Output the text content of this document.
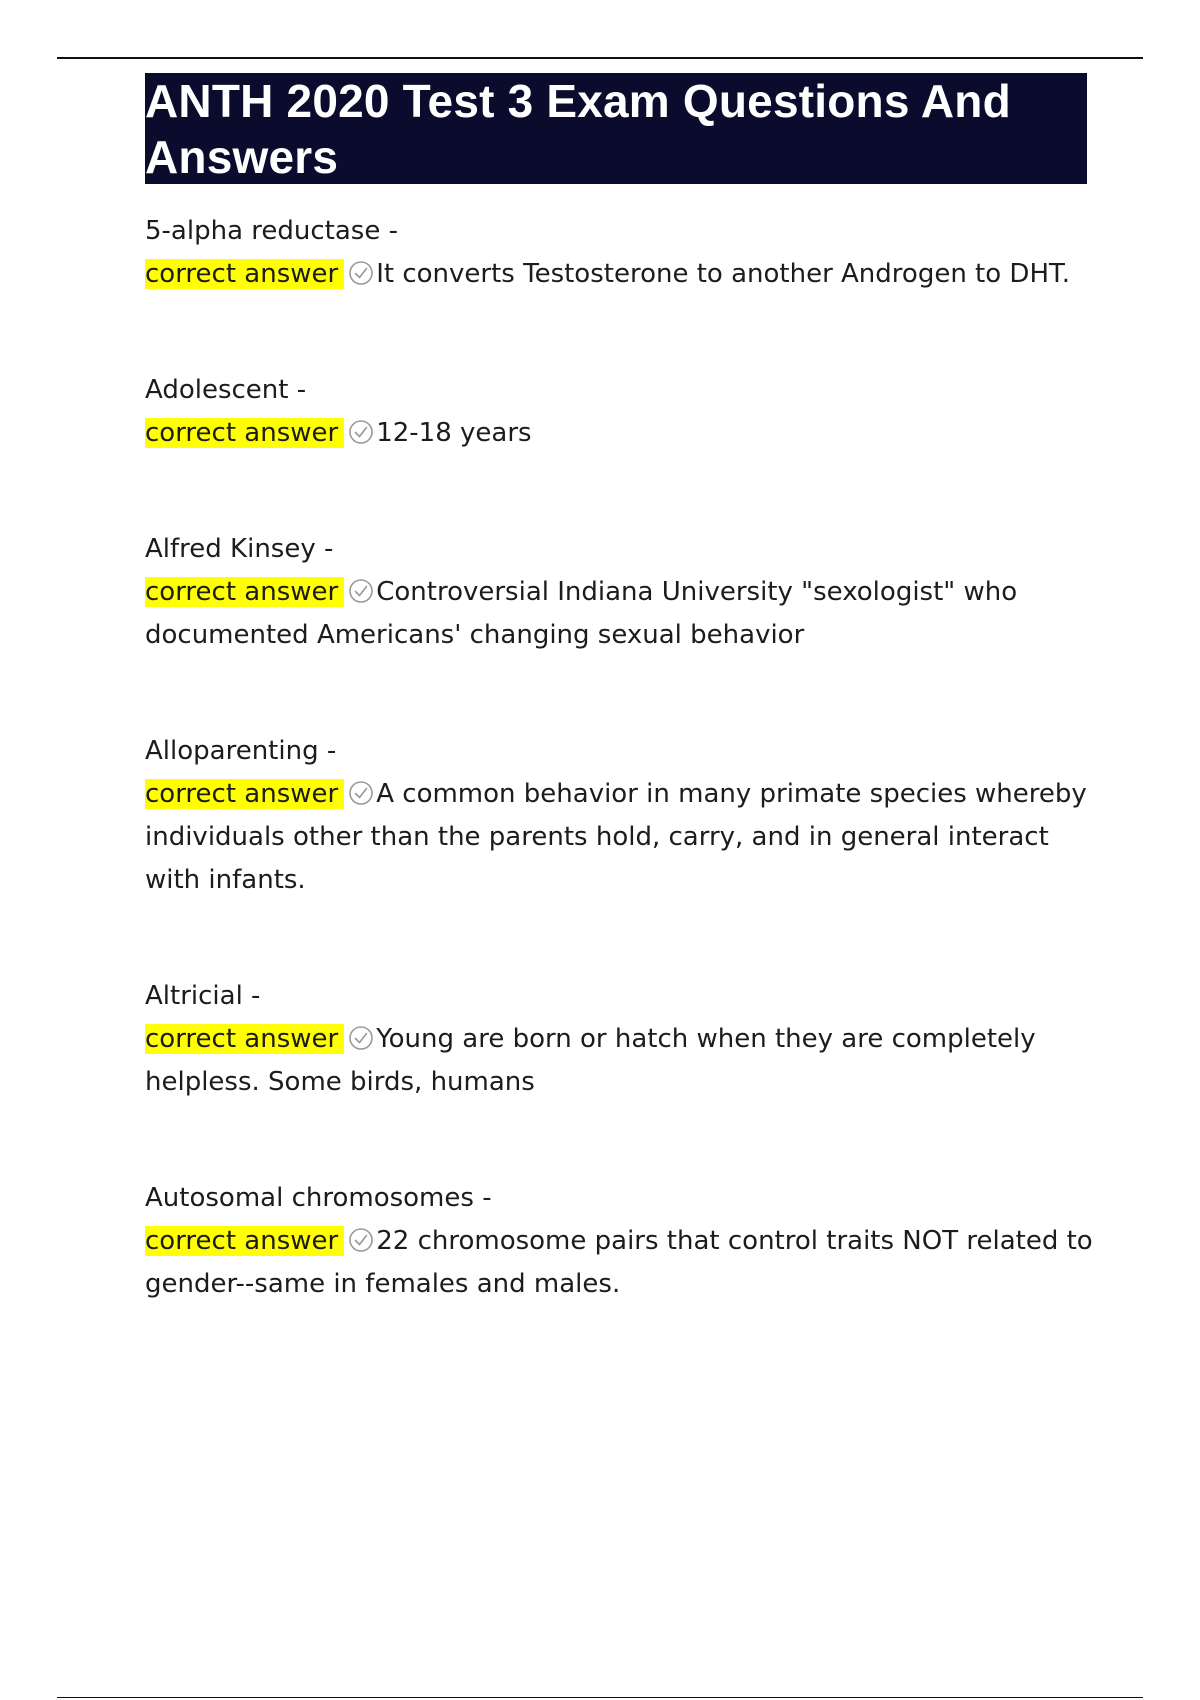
ANTH 2020 Test 3 Exam Questions And Answers
5-alpha reductase -
correct answer It converts Testosterone to another Androgen to DHT.
Adolescent -
correct answer 12-18 years
Alfred Kinsey -
correct answer Controversial Indiana University "sexologist" who documented Americans' changing sexual behavior
Alloparenting -
correct answer A common behavior in many primate species whereby individuals other than the parents hold, carry, and in general interact with infants.
Altricial -
correct answer Young are born or hatch when they are completely helpless. Some birds, humans
Autosomal chromosomes -
correct answer 22 chromosome pairs that control traits NOT related to gender--same in females and males.
